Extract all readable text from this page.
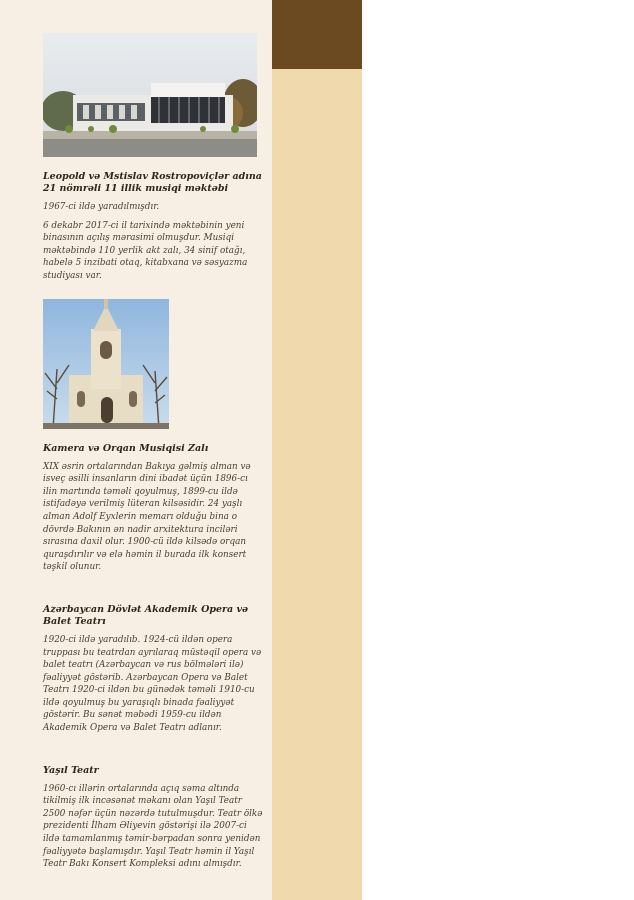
Leopold və Mstislav Rostropoviçlər adına 21 nömrəli 11 illik musiqi məktəbi

1967-ci ildə yaradılmışdır.

6 dekabr 2017-ci il tarixində məktəbinin yeni binasının açılış mərasimi olmuşdur. Musiqi məktəbində 110 yerlik akt zalı, 34 sinif otağı, habelə 5 inzibati otaq, kitabxana və səsyazma studiyası var.

Kamera və Orqan Musiqisi Zalı

XIX əsrin ortalarından Bakıya gəlmiş alman və isveç əsilli insanların dini ibadət üçün 1896-cı ilin martında təməli qoyulmuş, 1899-cu ildə istifadəyə verilmiş lüteran kilsəsidir. 24 yaşlı alman Adolf Eyxlerin memarı olduğu bina o dövrdə Bakının ən nadir arxitektura inciləri sırasına daxil olur. 1900-cü ildə kilsədə orqan quraşdırılır və elə həmin il burada ilk konsert təşkil olunur.

Azərbaycan Dövlət Akademik Opera və Balet Teatrı

1920-ci ildə yaradılıb. 1924-cü ildən opera truppası bu teatrdan ayrılaraq müstəqil opera və balet teatrı (Azərbaycan və rus bölmələri ilə) fəaliyyət göstərib. Azərbaycan Opera və Balet Teatrı 1920-ci ildən bu günədək təməli 1910-cu ildə qoyulmuş bu yaraşıqlı binada fəaliyyət göstərir. Bu sənət məbədi 1959-cu ildən Akademik Opera və Balet Teatrı adlanır.

Yaşıl Teatr

1960-cı illərin ortalarında açıq səma altında tikilmiş ilk incəsənət məkanı olan Yaşıl Teatr 2500 nəfər üçün nəzərdə tutulmuşdur. Teatr ölkə prezidenti İlham Əliyevin göstərişi ilə 2007-ci ildə tamamlanmış təmir-bərpadan sonra yenidən fəaliyyətə başlamışdır. Yaşıl Teatr həmin il Yaşıl Teatr Bakı Konsert Kompleksi adını almışdır.
